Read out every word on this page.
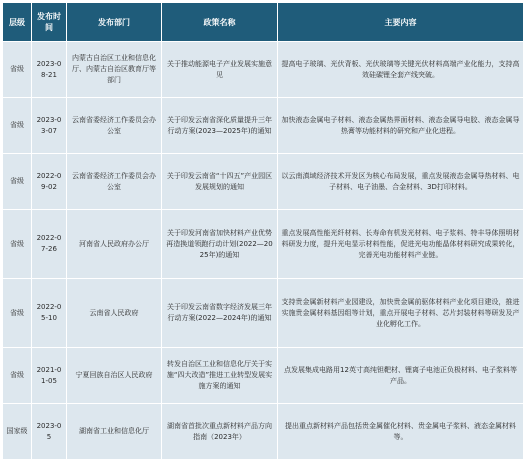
层级	发布时间	发布部门	政策名称	主要内容
省级	2023-08-21	内蒙古自治区工业和信息化厅、内蒙古自治区教育厅等部门	关于推动能源电子产业发展实施意见	提高电子玻璃、光伏背板、光伏玻璃等关键光伏材料高端产业化能力，支持高效硅碳锂全套产线突破。
省级	2023-03-07	云南省委经济工作委员会办公室	关于印发云南省深化质量提升三年行动方案(2023—2025年)的通知	加快液态金属电子材料、液态金属热界面材料、液态金属导电胶、液态金属导热膏等功能材料的研究和产业化进程。
省级	2022-09-02	云南省委经济工作委员会办公室	关于印发云南省“十四五”产业园区发展规划的通知	以云南滇域经济技术开发区为核心布局发展，重点发展液态金属导热材料、电子材料、电子油墨、合金材料、3D打印材料。
省级	2022-07-26	河南省人民政府办公厅	关于印发河南省加快材料产业优势再造换道领跑行动计划(2022—2025年)的通知	重点发展高性能光纤材料、长寿命有机发光材料、电子浆料、特丰导体照明材料研发力度，提升光电显示材料性能，促进光电功能晶体材料研究成果转化，完善光电功能材料产业链。
省级	2022-05-10	云南省人民政府	关于印发云南省数字经济发展三年行动方案(2022—2024年)的通知	支持贵金属新材料产业园建设，加快贵金属前驱体材料产业化项目建设，推进实施贵金属材料基因组等计划，重点开展电子材料、芯片封装材料等研发及产业化孵化工作。
省级	2021-01-05	宁夏回族自治区人民政府	转发自治区工业和信息化厅关于实施“四大改造”推进工业转型发展实施方案的通知	点发展集成电路用12英寸高纯钽靶材、锂离子电池正负极材料、电子浆料等产品。
国家级	2023-05	湖南省工业和信息化厅	湖南省首批次重点新材料产品方向指南（2023年）	提出重点新材料产品包括贵金属催化材料、贵金属电子浆料、液态金属材料等。
